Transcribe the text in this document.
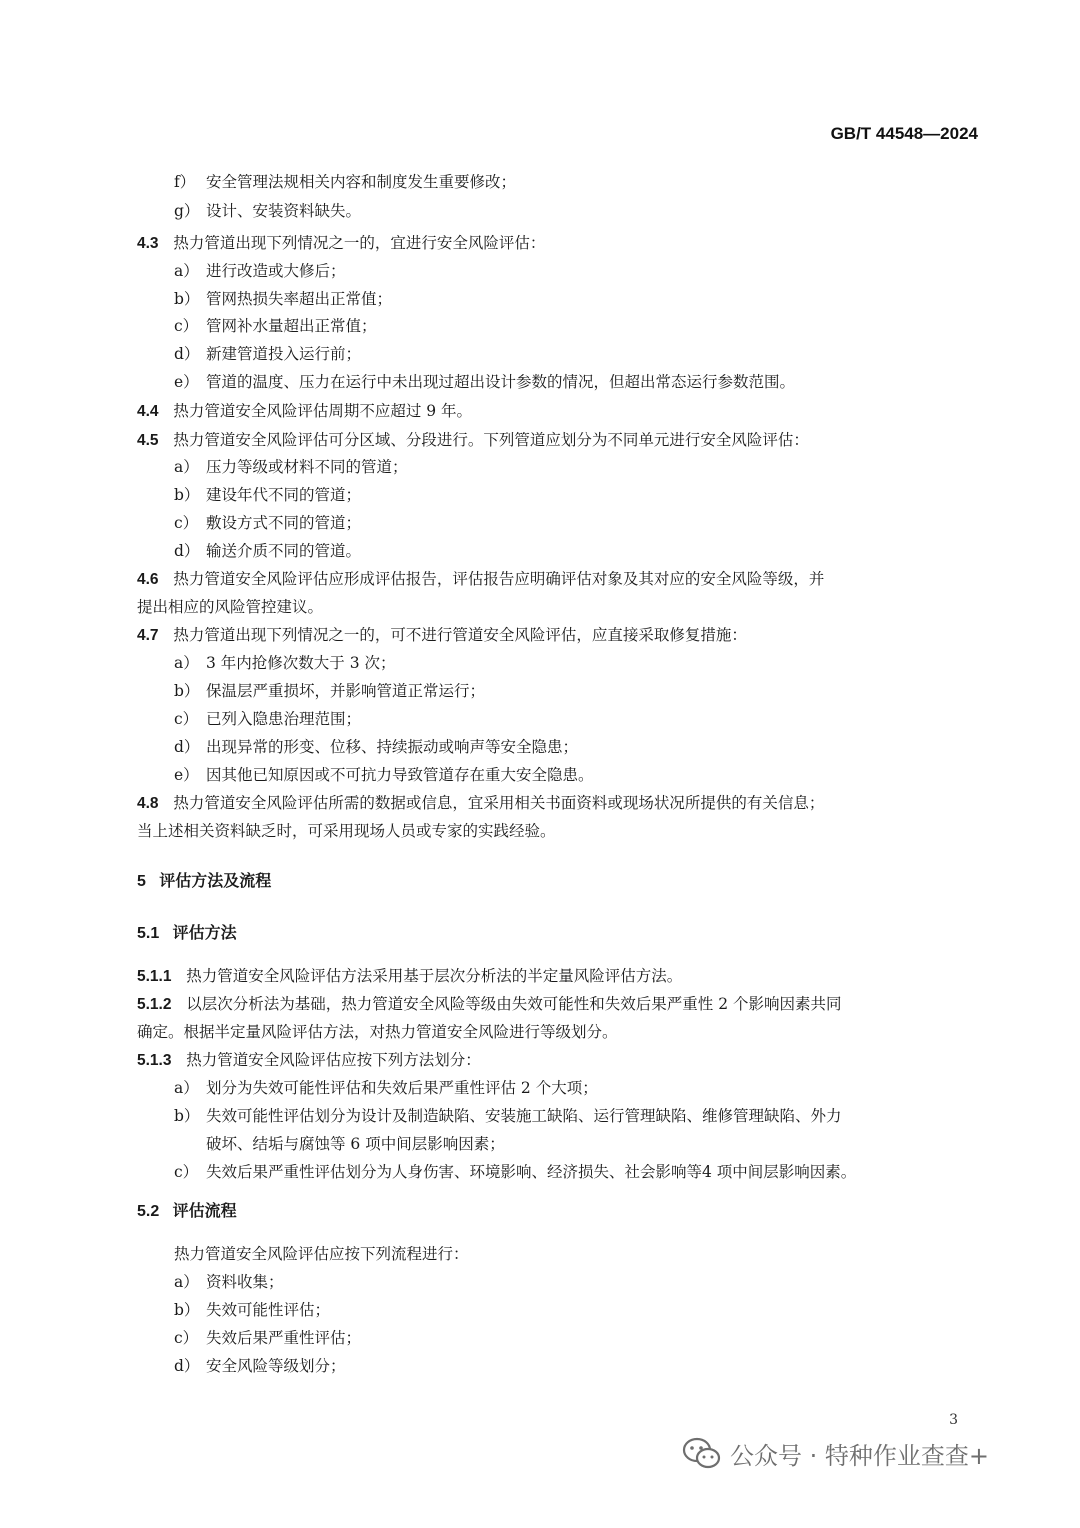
GB/T 44548—2024
f） 安全管理法规相关内容和制度发生重要修改；
g） 设计、安装资料缺失。
4.3 热力管道出现下列情况之一的，宜进行安全风险评估：
a） 进行改造或大修后；
b） 管网热损失率超出正常值；
c） 管网补水量超出正常值；
d） 新建管道投入运行前；
e） 管道的温度、压力在运行中未出现过超出设计参数的情况，但超出常态运行参数范围。
4.4 热力管道安全风险评估周期不应超过 9 年。
4.5 热力管道安全风险评估可分区域、分段进行。下列管道应划分为不同单元进行安全风险评估：
a） 压力等级或材料不同的管道；
b） 建设年代不同的管道；
c） 敷设方式不同的管道；
d） 输送介质不同的管道。
4.6 热力管道安全风险评估应形成评估报告，评估报告应明确评估对象及其对应的安全风险等级，并
提出相应的风险管控建议。
4.7 热力管道出现下列情况之一的，可不进行管道安全风险评估，应直接采取修复措施：
a） 3 年内抢修次数大于 3 次；
b） 保温层严重损坏，并影响管道正常运行；
c） 已列入隐患治理范围；
d） 出现异常的形变、位移、持续振动或响声等安全隐患；
e） 因其他已知原因或不可抗力导致管道存在重大安全隐患。
4.8 热力管道安全风险评估所需的数据或信息，宜采用相关书面资料或现场状况所提供的有关信息；
当上述相关资料缺乏时，可采用现场人员或专家的实践经验。
5 评估方法及流程
5.1 评估方法
5.1.1 热力管道安全风险评估方法采用基于层次分析法的半定量风险评估方法。
5.1.2 以层次分析法为基础，热力管道安全风险等级由失效可能性和失效后果严重性 2 个影响因素共同
确定。根据半定量风险评估方法，对热力管道安全风险进行等级划分。
5.1.3 热力管道安全风险评估应按下列方法划分：
a） 划分为失效可能性评估和失效后果严重性评估 2 个大项；
b） 失效可能性评估划分为设计及制造缺陷、安装施工缺陷、运行管理缺陷、维修管理缺陷、外力
破坏、结垢与腐蚀等 6 项中间层影响因素；
c） 失效后果严重性评估划分为人身伤害、环境影响、经济损失、社会影响等4 项中间层影响因素。
5.2 评估流程
热力管道安全风险评估应按下列流程进行：
a） 资料收集；
b） 失效可能性评估；
c） 失效后果严重性评估；
d） 安全风险等级划分；
3
公众号 · 特种作业查查+
